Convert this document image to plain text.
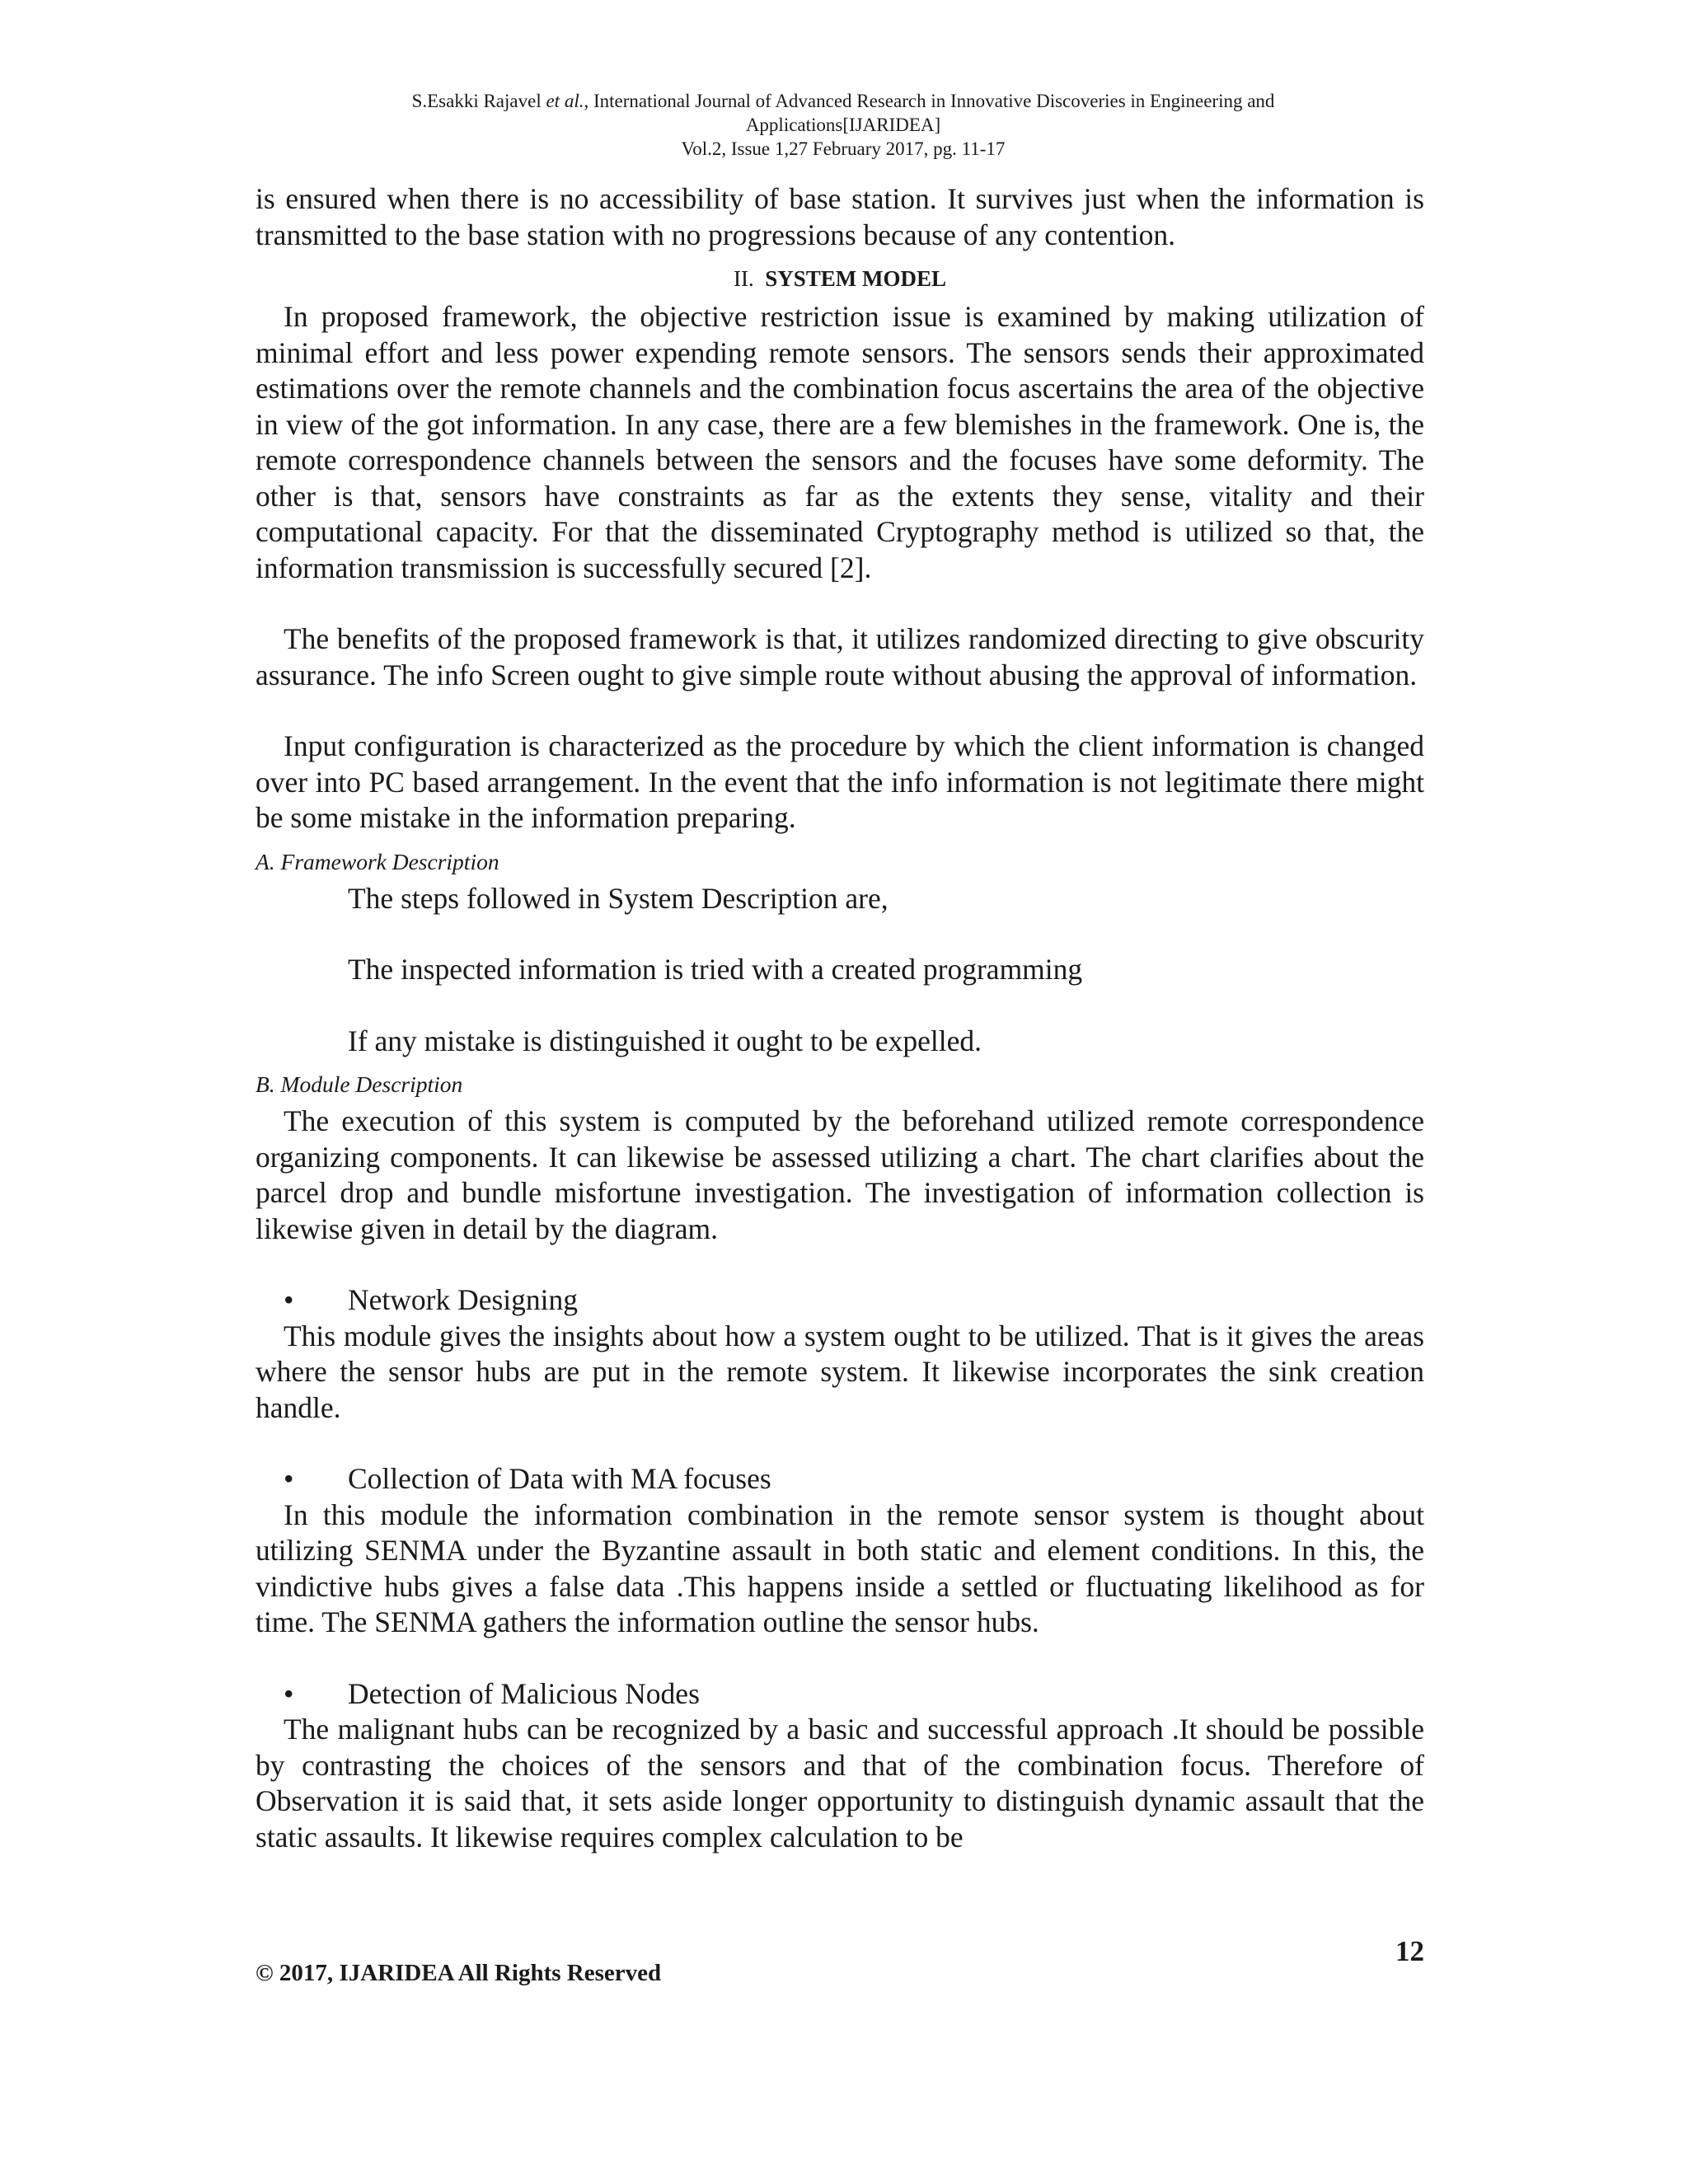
S.Esakki Rajavel et al., International Journal of Advanced Research in Innovative Discoveries in Engineering and
Applications[IJARIDEA]
Vol.2, Issue 1,27 February 2017, pg. 11-17

is ensured when there is no accessibility of base station. It survives just when the information is transmitted to the base station with no progressions because of any contention.

II. SYSTEM MODEL

In proposed framework, the objective restriction issue is examined by making utilization of minimal effort and less power expending remote sensors. The sensors sends their approximated estimations over the remote channels and the combination focus ascertains the area of the objective in view of the got information. In any case, there are a few blemishes in the framework. One is, the remote correspondence channels between the sensors and the focuses have some deformity. The other is that, sensors have constraints as far as the extents they sense, vitality and their computational capacity. For that the disseminated Cryptography method is utilized so that, the information transmission is successfully secured [2].

The benefits of the proposed framework is that, it utilizes randomized directing to give obscurity assurance. The info Screen ought to give simple route without abusing the approval of information.

Input configuration is characterized as the procedure by which the client information is changed over into PC based arrangement. In the event that the info information is not legitimate there might be some mistake in the information preparing.

A. Framework Description

The steps followed in System Description are,

The inspected information is tried with a created programming

If any mistake is distinguished it ought to be expelled.

B. Module Description

The execution of this system is computed by the beforehand utilized remote correspondence organizing components. It can likewise be assessed utilizing a chart. The chart clarifies about the parcel drop and bundle misfortune investigation. The investigation of information collection is likewise given in detail by the diagram.

• Network Designing

This module gives the insights about how a system ought to be utilized. That is it gives the areas where the sensor hubs are put in the remote system. It likewise incorporates the sink creation handle.

• Collection of Data with MA focuses

In this module the information combination in the remote sensor system is thought about utilizing SENMA under the Byzantine assault in both static and element conditions. In this, the vindictive hubs gives a false data .This happens inside a settled or fluctuating likelihood as for time. The SENMA gathers the information outline the sensor hubs.

• Detection of Malicious Nodes

The malignant hubs can be recognized by a basic and successful approach .It should be possible by contrasting the choices of the sensors and that of the combination focus. Therefore of Observation it is said that, it sets aside longer opportunity to distinguish dynamic assault that the static assaults. It likewise requires complex calculation to be

12
© 2017, IJARIDEA All Rights Reserved
